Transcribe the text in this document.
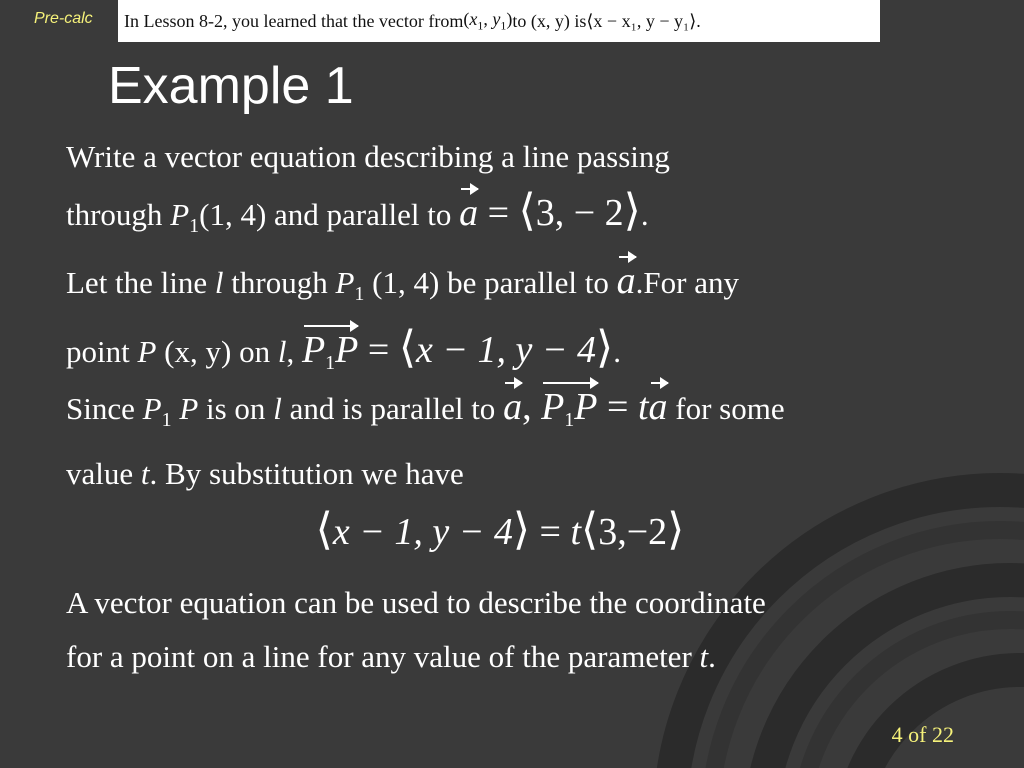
Pre-calc In Lesson 8-2, you learned that the vector from ($x_1$, $y_1$) to (x, y) is ⟨x − x₁, y − y₁⟩.
Example 1
Write a vector equation describing a line passing
through $P_1(1$, 4) and parallel to a = ⟨3, − 2⟩.
Let the line l through $P_1$ (1, 4) be parallel to a.For any
point P (x, y) on l, $P_1P$ = ⟨x − 1, y − 4⟩.
Since $P_1$ P is on l and is parallel to a, $P_1P$ = ta for some
value t. By substitution we have
⟨x − 1, y − 4⟩ = t⟨3,−2⟩
A vector equation can be used to describe the coordinate
for a point on a line for any value of the parameter t.
4 of 22
